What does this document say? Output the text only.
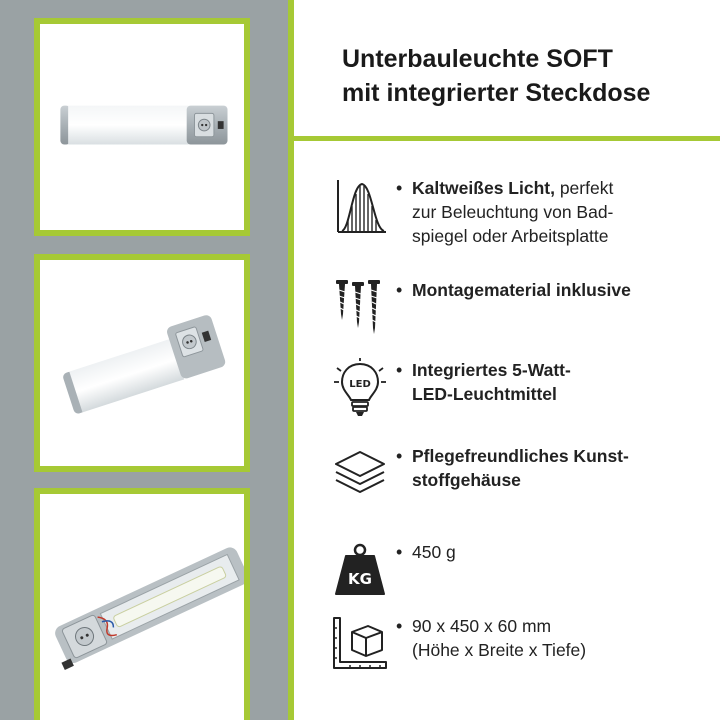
Unterbauleuchte SOFT
mit integrierter Steckdose
• Kaltweißes Licht, perfekt
zur Beleuchtung von Bad-
spiegel oder Arbeitsplatte
• Montagematerial inklusive
LED
• Integriertes 5-Watt-
LED-Leuchtmittel
• Pflegefreundliches Kunst-
stoffgehäuse
KG
• 450 g
• 90 x 450 x 60 mm
(Höhe x Breite x Tiefe)
